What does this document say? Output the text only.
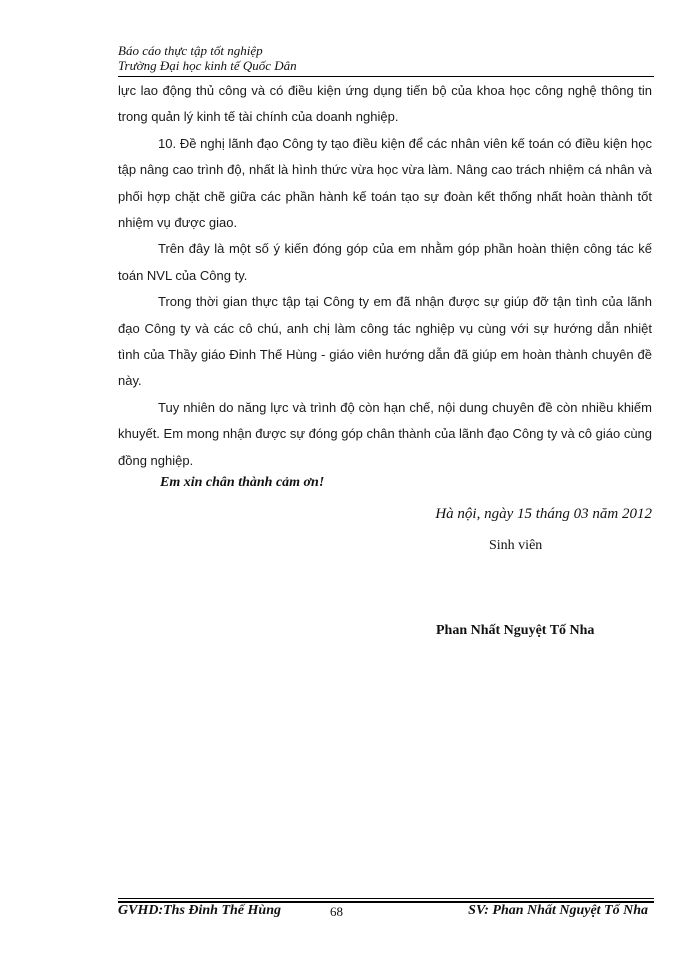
Báo cáo thực tập tốt nghiệp
Trường Đại học kinh tế Quốc Dân

lực lao động thủ công và có điều kiện ứng dụng tiến bộ của khoa học công nghệ thông tin trong quản lý kinh tế tài chính của doanh nghiệp.

10. Đề nghị lãnh đạo Công ty tạo điều kiện để các nhân viên kế toán có điều kiện học tập nâng cao trình độ, nhất là hình thức vừa học vừa làm. Nâng cao trách nhiệm cá nhân và phối hợp chặt chẽ giữa các phần hành kế toán tạo sự đoàn kết thống nhất hoàn thành tốt nhiệm vụ được giao.

Trên đây là một số ý kiến đóng góp của em nhằm góp phần hoàn thiện công tác kế toán NVL của Công ty.

Trong thời gian thực tập tại Công ty em đã nhận được sự giúp đỡ tận tình của lãnh đạo Công ty và các cô chú, anh chị làm công tác nghiệp vụ cùng với sự hướng dẫn nhiệt tình của Thầy giáo Đinh Thế Hùng - giáo viên hướng dẫn đã giúp em hoàn thành chuyên đề này.

Tuy nhiên do năng lực và trình độ còn hạn chế, nội dung chuyên đề còn nhiều khiếm khuyết. Em mong nhận được sự đóng góp chân thành của lãnh đạo Công ty và cô giáo cùng đồng nghiệp.

Em xin chân thành cảm ơn!
Hà nội, ngày 15 tháng 03 năm 2012
Sinh viên
Phan Nhất Nguyệt Tố Nha
GVHD:Ths Đinh Thế Hùng	68	SV: Phan Nhất Nguyệt Tố Nha
